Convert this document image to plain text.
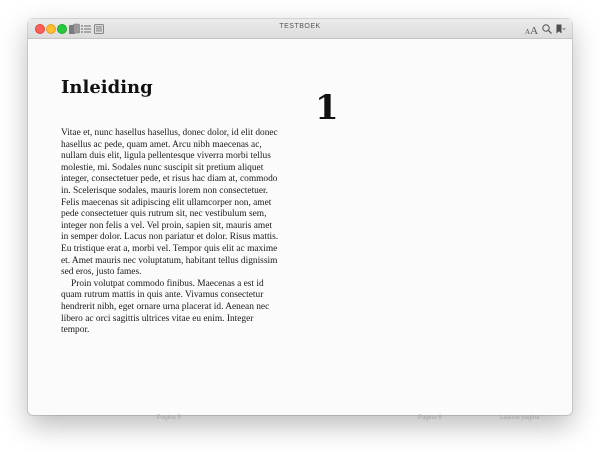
TESTBOEK
AA
Inleiding
1

Vitae et, nunc hasellus hasellus, donec dolor, id elit donec hasellus ac pede, quam amet. Arcu nibh maecenas ac, nullam duis elit, ligula pellentesque viverra morbi tellus molestie, mi. Sodales nunc suscipit sit pretium aliquet integer, consectetuer pede, et risus hac diam at, commodo in. Scelerisque sodales, mauris lorem non consectetuer. Felis maecenas sit adipiscing elit ullamcorper non, amet pede consectetuer quis rutrum sit, nec vestibulum sem, integer non felis a vel. Vel proin, sapien sit, mauris amet in semper dolor. Lacus non pariatur et dolor. Risus mattis. Eu tristique erat a, morbi vel. Tempor quis elit ac maxime et. Amet mauris nec voluptatum, habitant tellus dignissim sed eros, justo fames.

Proin volutpat commodo finibus. Maecenas a est id quam rutrum mattis in quis ante. Vivamus consectetur hendrerit nibh, eget ornare urna placerat id. Aenean nec libero ac orci sagittis ultrices vitae eu enim. Integer tempor.

Pagina 5	Pagina 6	Laatste pagina
